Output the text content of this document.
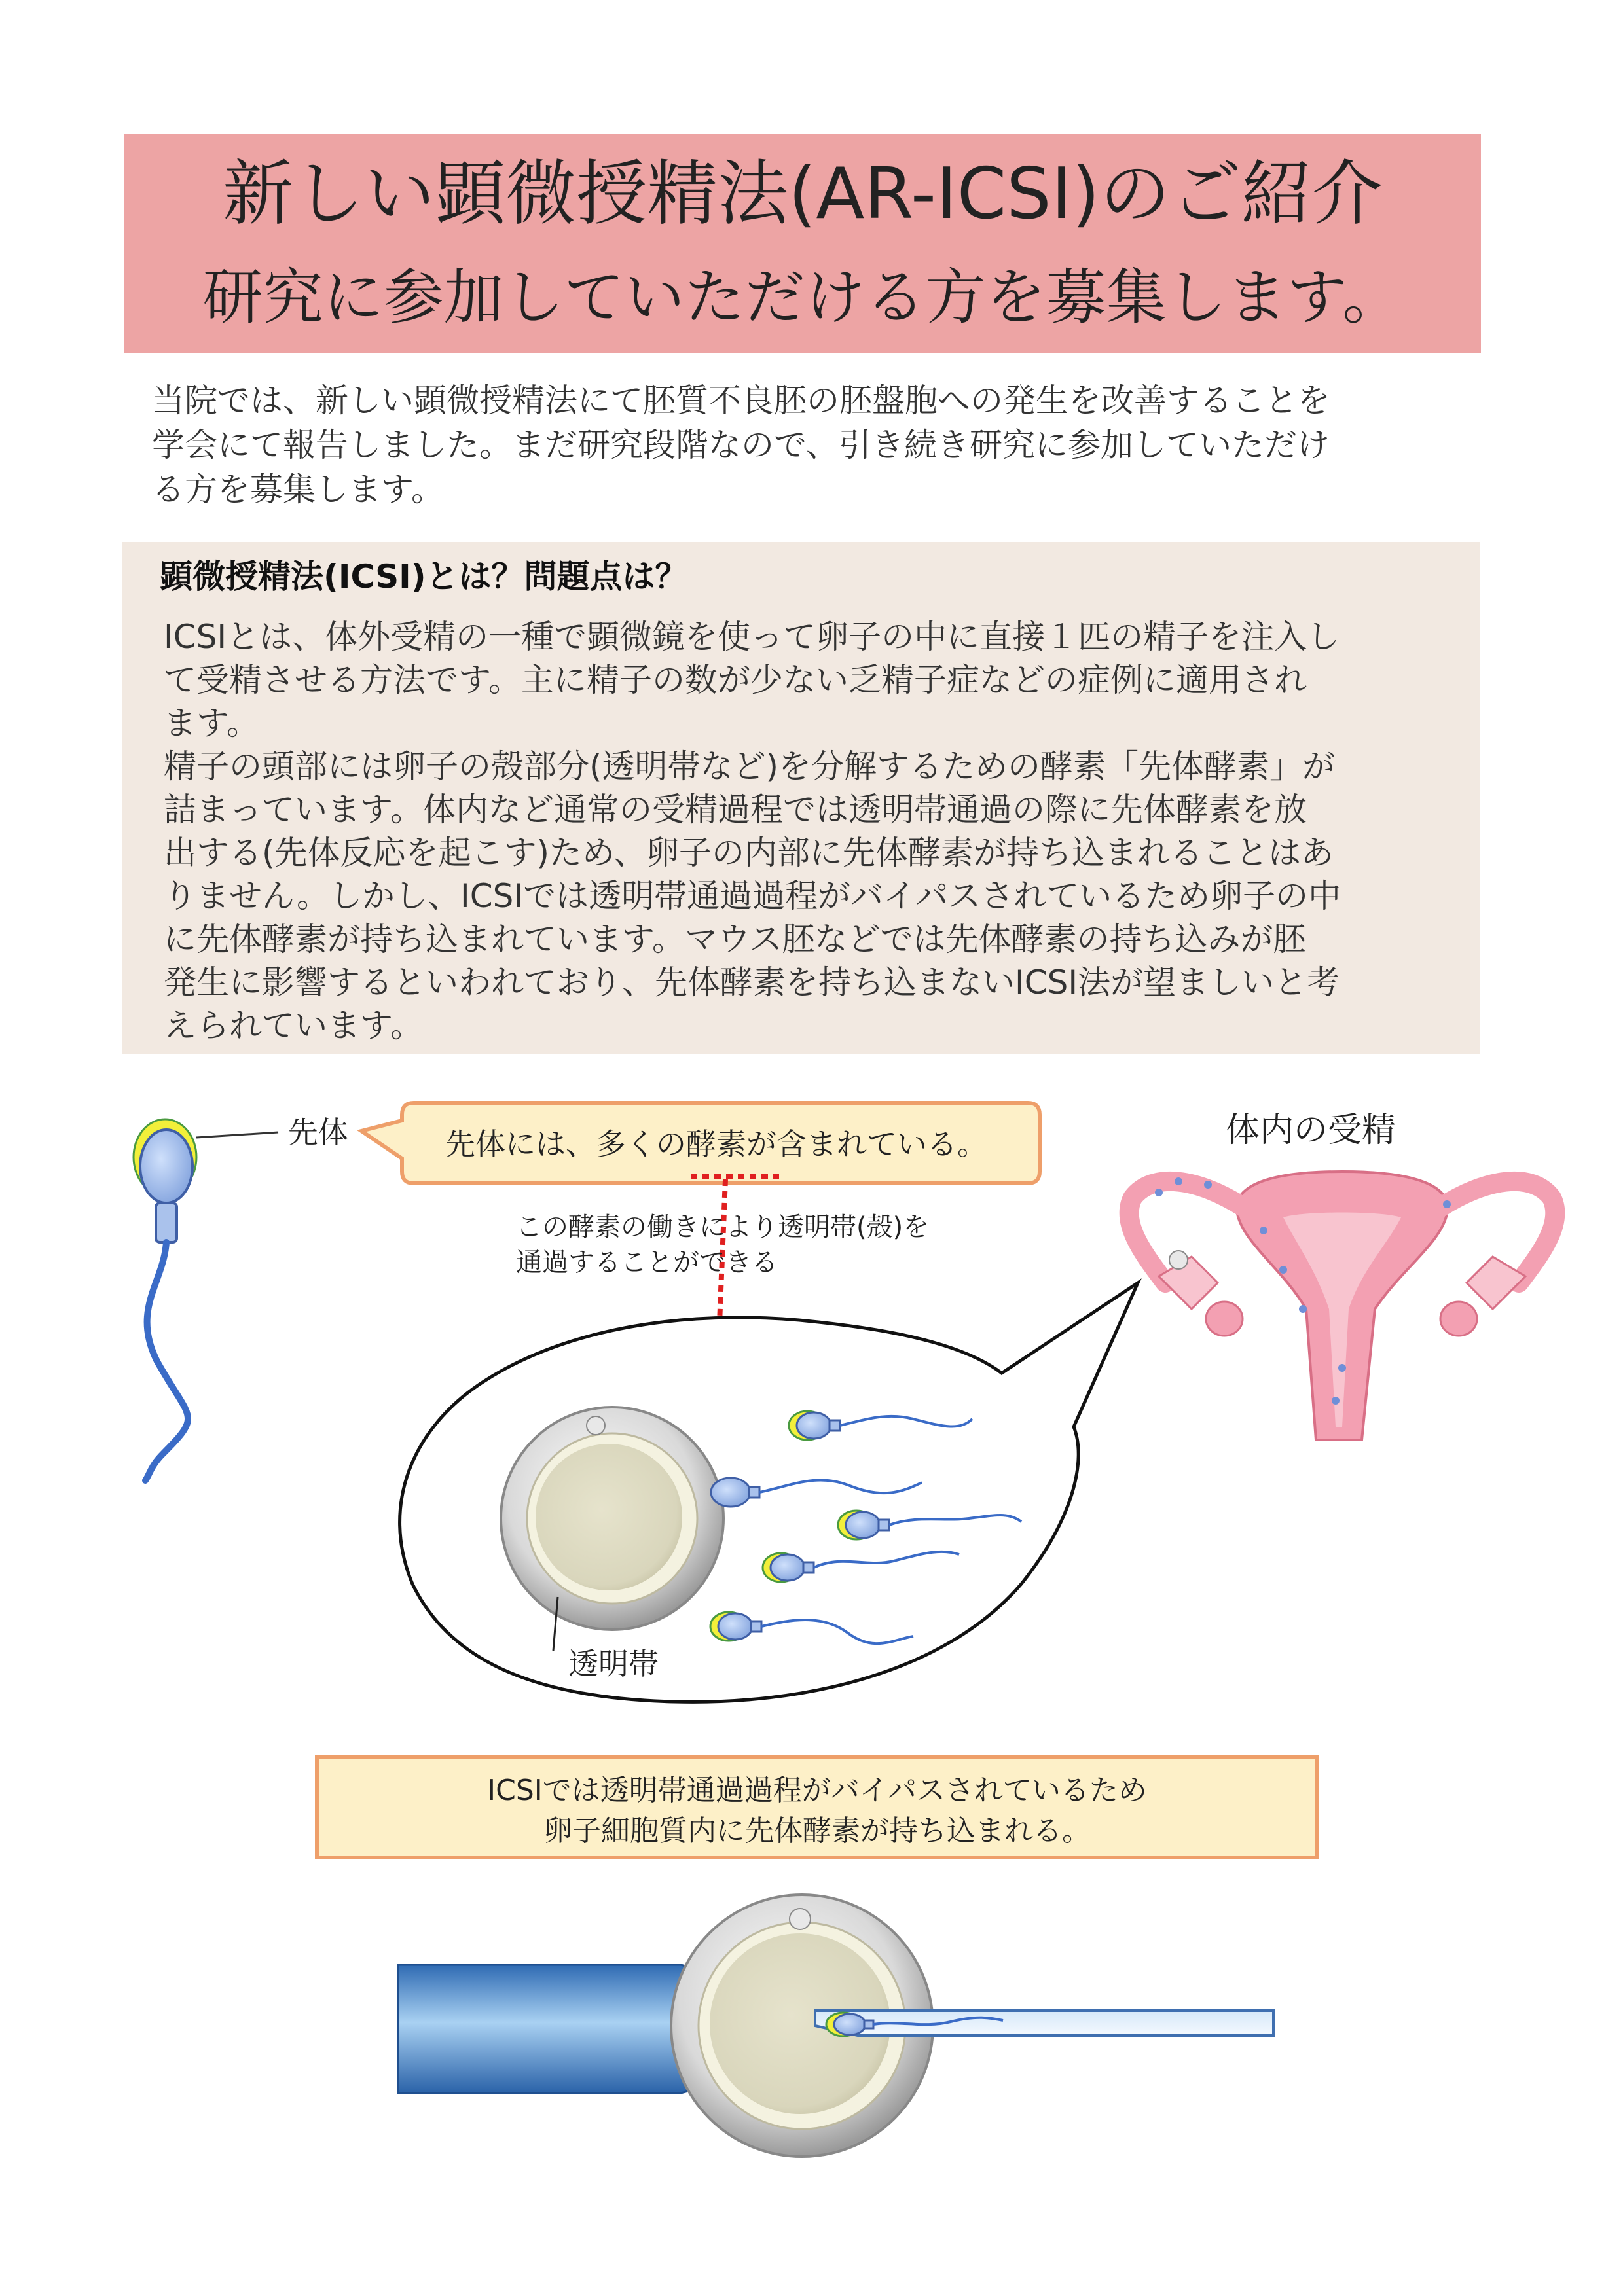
新しい顕微授精法(AR-ICSI)のご紹介
研究に参加していただける方を募集します。

当院では、新しい顕微授精法にて胚質不良胚の胚盤胞への発生を改善することを

学会にて報告しました。まだ研究段階なので、引き続き研究に参加していただけ

る方を募集します。

顕微授精法(ICSI)とは？問題点は？

ICSIとは、体外受精の一種で顕微鏡を使って卵子の中に直接１匹の精子を注入し

て受精させる方法です。主に精子の数が少ない乏精子症などの症例に適用され

ます。

精子の頭部には卵子の殻部分(透明帯など)を分解するための酵素「先体酵素」が

詰まっています。体内など通常の受精過程では透明帯通過の際に先体酵素を放

出する(先体反応を起こす)ため、卵子の内部に先体酵素が持ち込まれることはあ

りません。しかし、ICSIでは透明帯通過過程がバイパスされているため卵子の中

に先体酵素が持ち込まれています。マウス胚などでは先体酵素の持ち込みが胚

発生に影響するといわれており、先体酵素を持ち込まないICSI法が望ましいと考

えられています。

先体	先体には、多くの酵素が含まれている。
この酵素の働きにより透明帯(殻)を
通過することができる
体内の受精
透明帯
ICSIでは透明帯通過過程がバイパスされているため
卵子細胞質内に先体酵素が持ち込まれる。
